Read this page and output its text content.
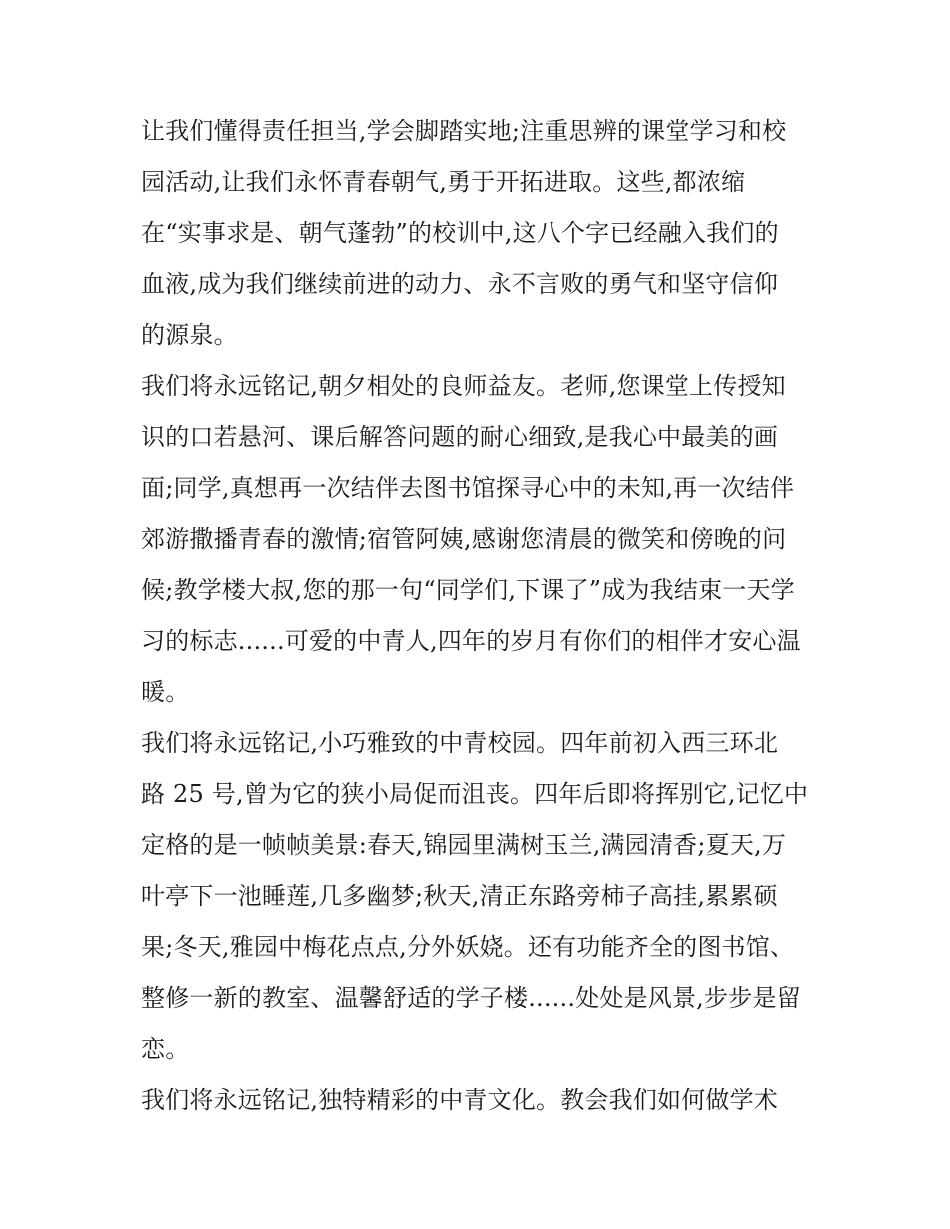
让我们懂得责任担当,学会脚踏实地;注重思辨的课堂学习和校
园活动,让我们永怀青春朝气,勇于开拓进取。这些,都浓缩
在“实事求是、朝气蓬勃”的校训中,这八个字已经融入我们的
血液,成为我们继续前进的动力、永不言败的勇气和坚守信仰
的源泉。
我们将永远铭记,朝夕相处的良师益友。老师,您课堂上传授知
识的口若悬河、课后解答问题的耐心细致,是我心中最美的画
面;同学,真想再一次结伴去图书馆探寻心中的未知,再一次结伴
郊游撒播青春的激情;宿管阿姨,感谢您清晨的微笑和傍晚的问
候;教学楼大叔,您的那一句“同学们,下课了”成为我结束一天学
习的标志......可爱的中青人,四年的岁月有你们的相伴才安心温
暖。
我们将永远铭记,小巧雅致的中青校园。四年前初入西三环北
路 25 号,曾为它的狭小局促而沮丧。四年后即将挥别它,记忆中
定格的是一帧帧美景:春天,锦园里满树玉兰,满园清香;夏天,万
叶亭下一池睡莲,几多幽梦;秋天,清正东路旁柿子高挂,累累硕
果;冬天,雅园中梅花点点,分外妖娆。还有功能齐全的图书馆、
整修一新的教室、温馨舒适的学子楼......处处是风景,步步是留
恋。
我们将永远铭记,独特精彩的中青文化。教会我们如何做学术
